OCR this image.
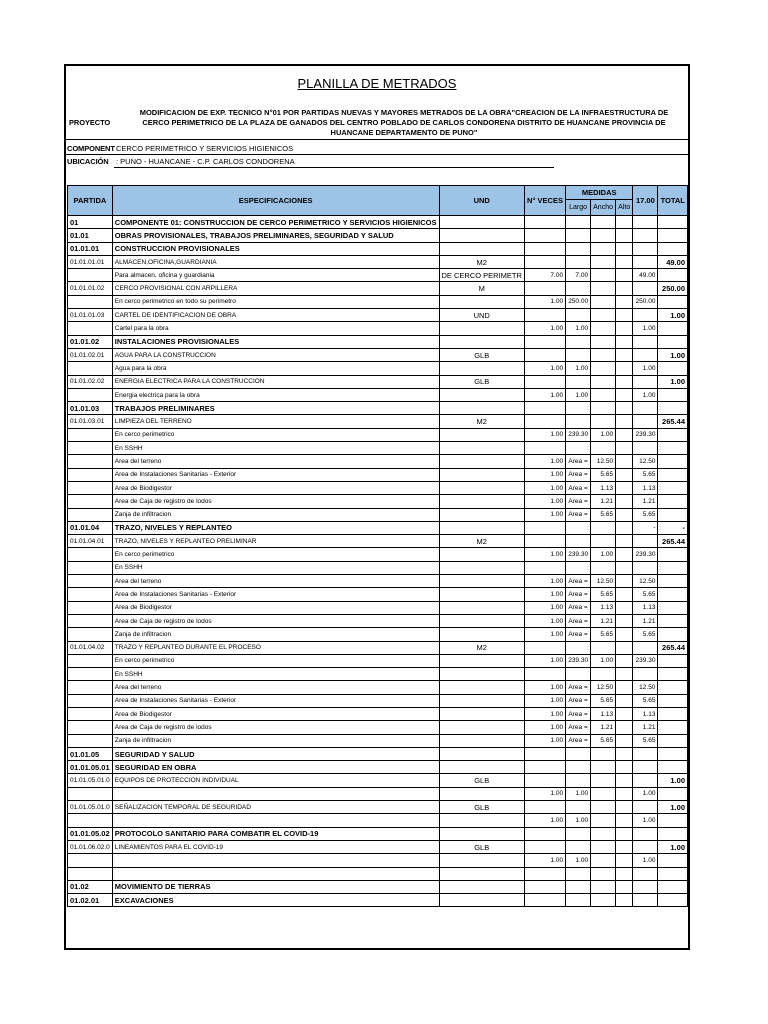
PLANILLA DE METRADOS
PROYECTO
MODIFICACION DE EXP. TECNICO N°01 POR PARTIDAS NUEVAS Y MAYORES METRADOS DE LA OBRA"CREACION DE LA INFRAESTRUCTURA DE CERCO PERIMETRICO DE LA PLAZA DE GANADOS DEL CENTRO POBLADO DE CARLOS CONDORENA DISTRITO DE HUANCANE PROVINCIA DE HUANCANE DEPARTAMENTO DE PUNO"
COMPONENT CERCO PERIMETRICO Y SERVICIOS HIGIENICOS
UBICACIÓN : PUNO - HUANCANE - C.P. CARLOS CONDORENA
PARTIDA	ESPECIFICACIONES	UND	N° VECES	MEDIDAS			17.00	TOTAL
				Largo	Ancho	Alto		
01	COMPONENTE 01: CONSTRUCCION DE CERCO PERIMETRICO Y SERVICIOS HIGIENICOS							
01.01	OBRAS PROVISIONALES, TRABAJOS PRELIMINARES, SEGURIDAD Y SALUD							
01.01.01	CONSTRUCCION PROVISIONALES							
01.01.01.01	ALMACEN,OFICINA,GUARDIANIA	M2						49.00
	Para almacen, oficina y guardiania	DE CERCO PERIMETR	7.00	7.00			49.00	
01.01.01.02	CERCO PROVISIONAL CON ARPILLERA	M						250.00
	En cerco perimetrico en todo su perimetro		1.00	250.00			250.00	
01.01.01.03	CARTEL DE IDENTIFICACION DE OBRA	UND						1.00
	Cartel para la obra		1.00	1.00			1.00	
01.01.02	INSTALACIONES PROVISIONALES							
01.01.02.01	AGUA PARA LA CONSTRUCCION	GLB						1.00
	Agua para la obra		1.00	1.00			1.00	
01.01.02.02	ENERGIA ELECTRICA PARA LA CONSTRUCCION	GLB						1.00
	Energia electrica para la obra		1.00	1.00			1.00	
01.01.03	TRABAJOS PRELIMINARES							
01.01.03.01	LIMPIEZA DEL TERRENO	M2						265.44
	En cerco perimetrico		1.00	239.30	1.00		239.30	
	En SSHH							
	Area del terreno		1.00	Area =	12.50		12.50	
	Area de Instalaciones Sanitarias - Exterior		1.00	Area =	5.65		5.65	
	Area de Biodigestor		1.00	Area =	1.13		1.13	
	Area de Caja de registro de lodos		1.00	Area =	1.21		1.21	
	Zanja de infiltracion		1.00	Area =	5.65		5.65	
01.01.04	TRAZO, NIVELES Y REPLANTEO						-	-
01.01.04.01	TRAZO, NIVELES Y REPLANTEO PRELIMINAR	M2						265.44
	En cerco perimetrico		1.00	239.30	1.00		239.30	
	En SSHH							
	Area del terreno		1.00	Area =	12.50		12.50	
	Area de Instalaciones Sanitarias - Exterior		1.00	Area =	5.65		5.65	
	Area de Biodigestor		1.00	Area =	1.13		1.13	
	Area de Caja de registro de lodos		1.00	Area =	1.21		1.21	
	Zanja de infiltracion		1.00	Area =	5.65		5.65	
01.01.04.02	TRAZO Y REPLANTEO DURANTE EL PROCESO	M2						265.44
	En cerco perimetrico		1.00	239.30	1.00		239.30	
	En SSHH							
	Area del terreno		1.00	Area =	12.50		12.50	
	Area de Instalaciones Sanitarias - Exterior		1.00	Area =	5.65		5.65	
	Area de Biodigestor		1.00	Area =	1.13		1.13	
	Area de Caja de registro de lodos		1.00	Area =	1.21		1.21	
	Zanja de infiltracion		1.00	Area =	5.65		5.65	
01.01.05	SEGURIDAD Y SALUD							
01.01.05.01	SEGURIDAD EN OBRA							
01.01.05.01.0	EQUIPOS DE PROTECCION INDIVIDUAL	GLB						1.00
			1.00	1.00			1.00	
01.01.05.01.0	SEÑALIZACION TEMPORAL DE SEGURIDAD	GLB						1.00
			1.00	1.00			1.00	
01.01.05.02	PROTOCOLO SANITARIO PARA COMBATIR EL COVID-19							
01.01.06.02.0	LINEAMIENTOS PARA EL COVID-19	GLB						1.00
			1.00	1.00			1.00	

01.02	MOVIMIENTO DE TIERRAS							
01.02.01	EXCAVACIONES							
